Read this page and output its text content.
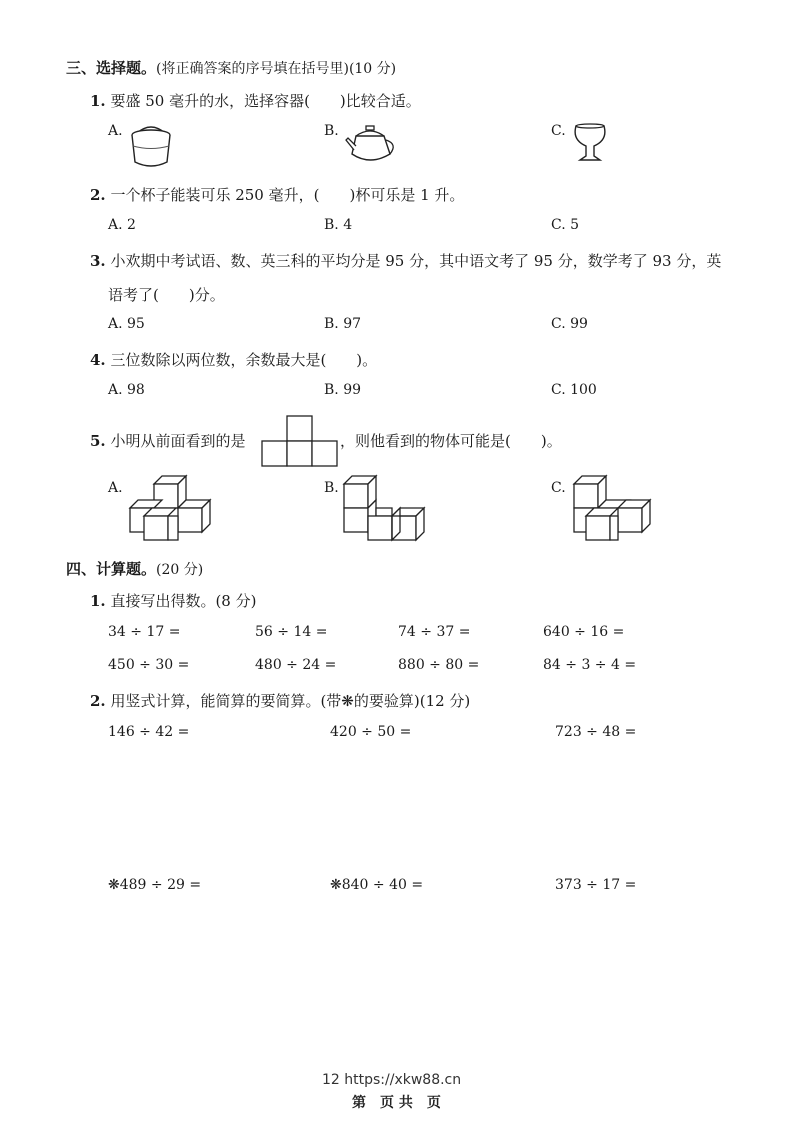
三、选择题。(将正确答案的序号填在括号里)(10 分)
1. 要盛 50 毫升的水，选择容器(　　)比较合适。
A.	B.	C.
2. 一个杯子能装可乐 250 毫升，(　　)杯可乐是 1 升。
A. 2	B. 4	C. 5
3. 小欢期中考试语、数、英三科的平均分是 95 分，其中语文考了 95 分，数学考了 93 分，英
语考了(　　)分。
A. 95	B. 97	C. 99
4. 三位数除以两位数，余数最大是(　　)。
A. 98	B. 99	C. 100
5. 小明从前面看到的是	，则他看到的物体可能是(　　)。
A.	B.	C.
四、计算题。(20 分)
1. 直接写出得数。(8 分)
34 ÷ 17 =	56 ÷ 14 =	74 ÷ 37 =	640 ÷ 16 =
450 ÷ 30 =	480 ÷ 24 =	880 ÷ 80 =	84 ÷ 3 ÷ 4 =
2. 用竖式计算，能简算的要简算。(带❋的要验算)(12 分)
146 ÷ 42 =	420 ÷ 50 =	723 ÷ 48 =
❋489 ÷ 29 =	❋840 ÷ 40 =	373 ÷ 17 =
12 https://xkw88.cn
第　页 共　页
